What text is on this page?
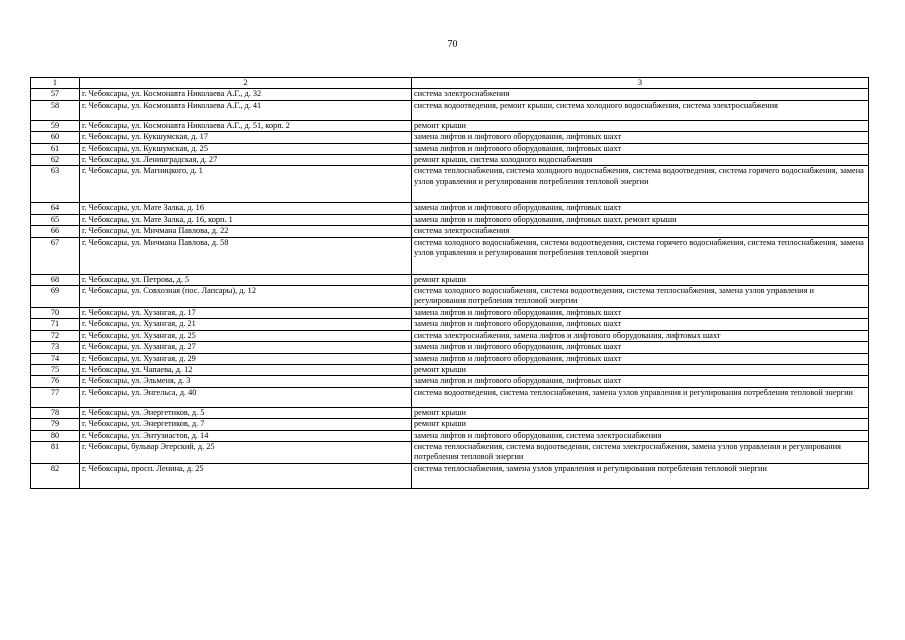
70
1	2	3
57	г. Чебоксары, ул. Космонавта Николаева А.Г., д. 32	система электроснабжения
58	г. Чебоксары, ул. Космонавта Николаева А.Г., д. 41	система водоотведения, ремонт крыши, система холодного водоснабжения, система электроснабжения
59	г. Чебоксары, ул. Космонавта Николаева А.Г., д. 51, корп. 2	ремонт крыши
60	г. Чебоксары, ул. Кукшумская, д. 17	замена лифтов и лифтового оборудования, лифтовых шахт
61	г. Чебоксары, ул. Кукшумская, д. 25	замена лифтов и лифтового оборудования, лифтовых шахт
62	г. Чебоксары, ул. Ленинградская, д. 27	ремонт крыши, система холодного водоснабжения
63	г. Чебоксары, ул. Магницкого, д. 1	система теплоснабжения, система холодного водоснабжения, система водоотведения, система горячего водоснабжения, замена узлов управления и регулирования потребления тепловой энергии
64	г. Чебоксары, ул. Мате Залка, д. 16	замена лифтов и лифтового оборудования, лифтовых шахт
65	г. Чебоксары, ул. Мате Залка, д. 16, корп. 1	замена лифтов и лифтового оборудования, лифтовых шахт, ремонт крыши
66	г. Чебоксары, ул. Мичмана Павлова, д. 22	система электроснабжения
67	г. Чебоксары, ул. Мичмана Павлова, д. 58	система холодного водоснабжения, система водоотведения, система горячего водоснабжения, система теплоснабжения, замена узлов управления и регулирования потребления тепловой энергии
68	г. Чебоксары, ул. Петрова, д. 5	ремонт крыши
69	г. Чебоксары, ул. Совхозная (пос. Лапсары), д. 12	система холодного водоснабжения, система водоотведения, система теплоснабжения, замена узлов управления и регулирования потребления тепловой энергии
70	г. Чебоксары, ул. Хузангая, д. 17	замена лифтов и лифтового оборудования, лифтовых шахт
71	г. Чебоксары, ул. Хузангая, д. 21	замена лифтов и лифтового оборудования, лифтовых шахт
72	г. Чебоксары, ул. Хузангая, д. 25	система электроснабжения, замена лифтов и лифтового оборудования, лифтовых шахт
73	г. Чебоксары, ул. Хузангая, д. 27	замена лифтов и лифтового оборудования, лифтовых шахт
74	г. Чебоксары, ул. Хузангая, д. 29	замена лифтов и лифтового оборудования, лифтовых шахт
75	г. Чебоксары, ул. Чапаева, д. 12	ремонт крыши
76	г. Чебоксары, ул. Эльменя, д. 3	замена лифтов и лифтового оборудования, лифтовых шахт
77	г. Чебоксары, ул. Энгельса, д. 40	система водоотведения, система теплоснабжения, замена узлов управления и регулирования потребления тепловой энергии
78	г. Чебоксары, ул. Энергетиков, д. 5	ремонт крыши
79	г. Чебоксары, ул. Энергетиков, д. 7	ремонт крыши
80	г. Чебоксары, ул. Энтузиастов, д. 14	замена лифтов и лифтового оборудования, система электроснабжения
81	г. Чебоксары, бульвар Эгерский, д. 25	система теплоснабжения, система водоотведения, система электроснабжения, замена узлов управления и регулирования потребления тепловой энергии
82	г. Чебоксары, просп. Ленина, д. 25	система теплоснабжения, замена узлов управления и регулирования потребления тепловой энергии
